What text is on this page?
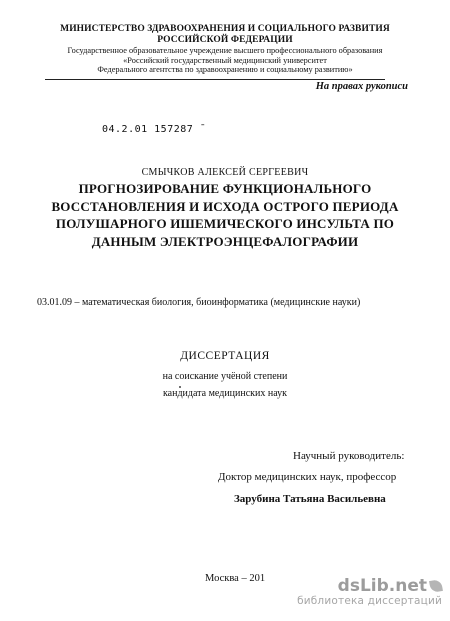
МИНИСТЕРСТВО ЗДРАВООХРАНЕНИЯ И СОЦИАЛЬНОГО РАЗВИТИЯ
РОССИЙСКОЙ ФЕДЕРАЦИИ
Государственное образовательное учреждение высшего профессионального образования
«Российский государственный медицинский университет
Федерального агентства по здравоохранению и социальному развитию»
На правах рукописи
04.2.01 157287 ˉ
СМЫЧКОВ АЛЕКСЕЙ СЕРГЕЕВИЧ
ПРОГНОЗИРОВАНИЕ ФУНКЦИОНАЛЬНОГО
ВОССТАНОВЛЕНИЯ И ИСХОДА ОСТРОГО ПЕРИОДА
ПОЛУШАРНОГО ИШЕМИЧЕСКОГО ИНСУЛЬТА ПО
ДАННЫМ ЭЛЕКТРОЭНЦЕФАЛОГРАФИИ
03.01.09 – математическая биология, биоинформатика (медицинские науки)
ДИССЕРТАЦИЯ
на соискание учёной степени
кандидата медицинских наук
Научный руководитель:
Доктор медицинских наук, профессор
Зарубина Татьяна Васильевна
Москва – 201	dsLib.net
библиотека диссертаций
